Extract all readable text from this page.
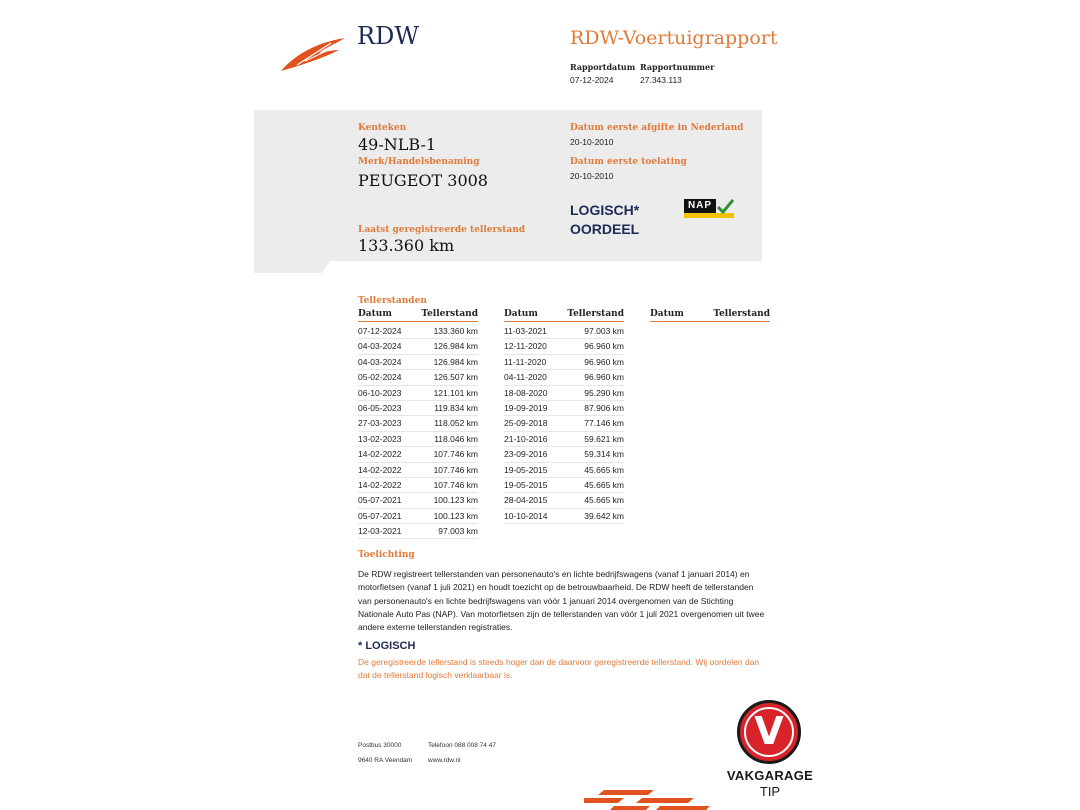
RDW	RDW-Voertuigrapport
Rapportdatum
07-12-2024
Rapportnummer
27.343.113
Kenteken
49-NLB-1
Merk/Handelsbenaming
PEUGEOT 3008
Laatst geregistreerde tellerstand
133.360 km
Datum eerste afgifte in Nederland
20-10-2010
Datum eerste toelating
20-10-2010
LOGISCH*
OORDEEL
NAP
Tellerstanden
Datum	Tellerstand
07-12-2024	133.360 km
04-03-2024	126.984 km
04-03-2024	126.984 km
05-02-2024	126.507 km
06-10-2023	121.101 km
06-05-2023	119.834 km
27-03-2023	118.052 km
13-02-2023	118.046 km
14-02-2022	107.746 km
14-02-2022	107.746 km
14-02-2022	107.746 km
05-07-2021	100.123 km
05-07-2021	100.123 km
12-03-2021	97.003 km
Datum	Tellerstand
11-03-2021	97.003 km
12-11-2020	96.960 km
11-11-2020	96.960 km
04-11-2020	96.960 km
18-08-2020	95.290 km
19-09-2019	87.906 km
25-09-2018	77.146 km
21-10-2016	59.621 km
23-09-2016	59.314 km
19-05-2015	45.665 km
19-05-2015	45.665 km
28-04-2015	45.665 km
10-10-2014	39.642 km
Datum	Tellerstand
Toelichting
De RDW registreert tellerstanden van personenauto's en lichte bedrijfswagens (vanaf 1 januari 2014) en motorfietsen (vanaf 1 juli 2021) en houdt toezicht op de betrouwbaarheid. De RDW heeft de tellerstanden van personenauto's en lichte bedrijfswagens van vóór 1 januari 2014 overgenomen van de Stichting Nationale Auto Pas (NAP). Van motorfietsen zijn de tellerstanden van vóór 1 juli 2021 overgenomen uit twee andere externe tellerstanden registraties.
* LOGISCH
De geregistreerde tellerstand is steeds hoger dan de daarvoor geregistreerde tellerstand. Wij oordelen dan dat de tellerstand logisch verklaarbaar is.
Postbus 30000
9640 RA Veendam
Telefoon 088 008 74 47
www.rdw.nl
V
VAKGARAGE
TIP
